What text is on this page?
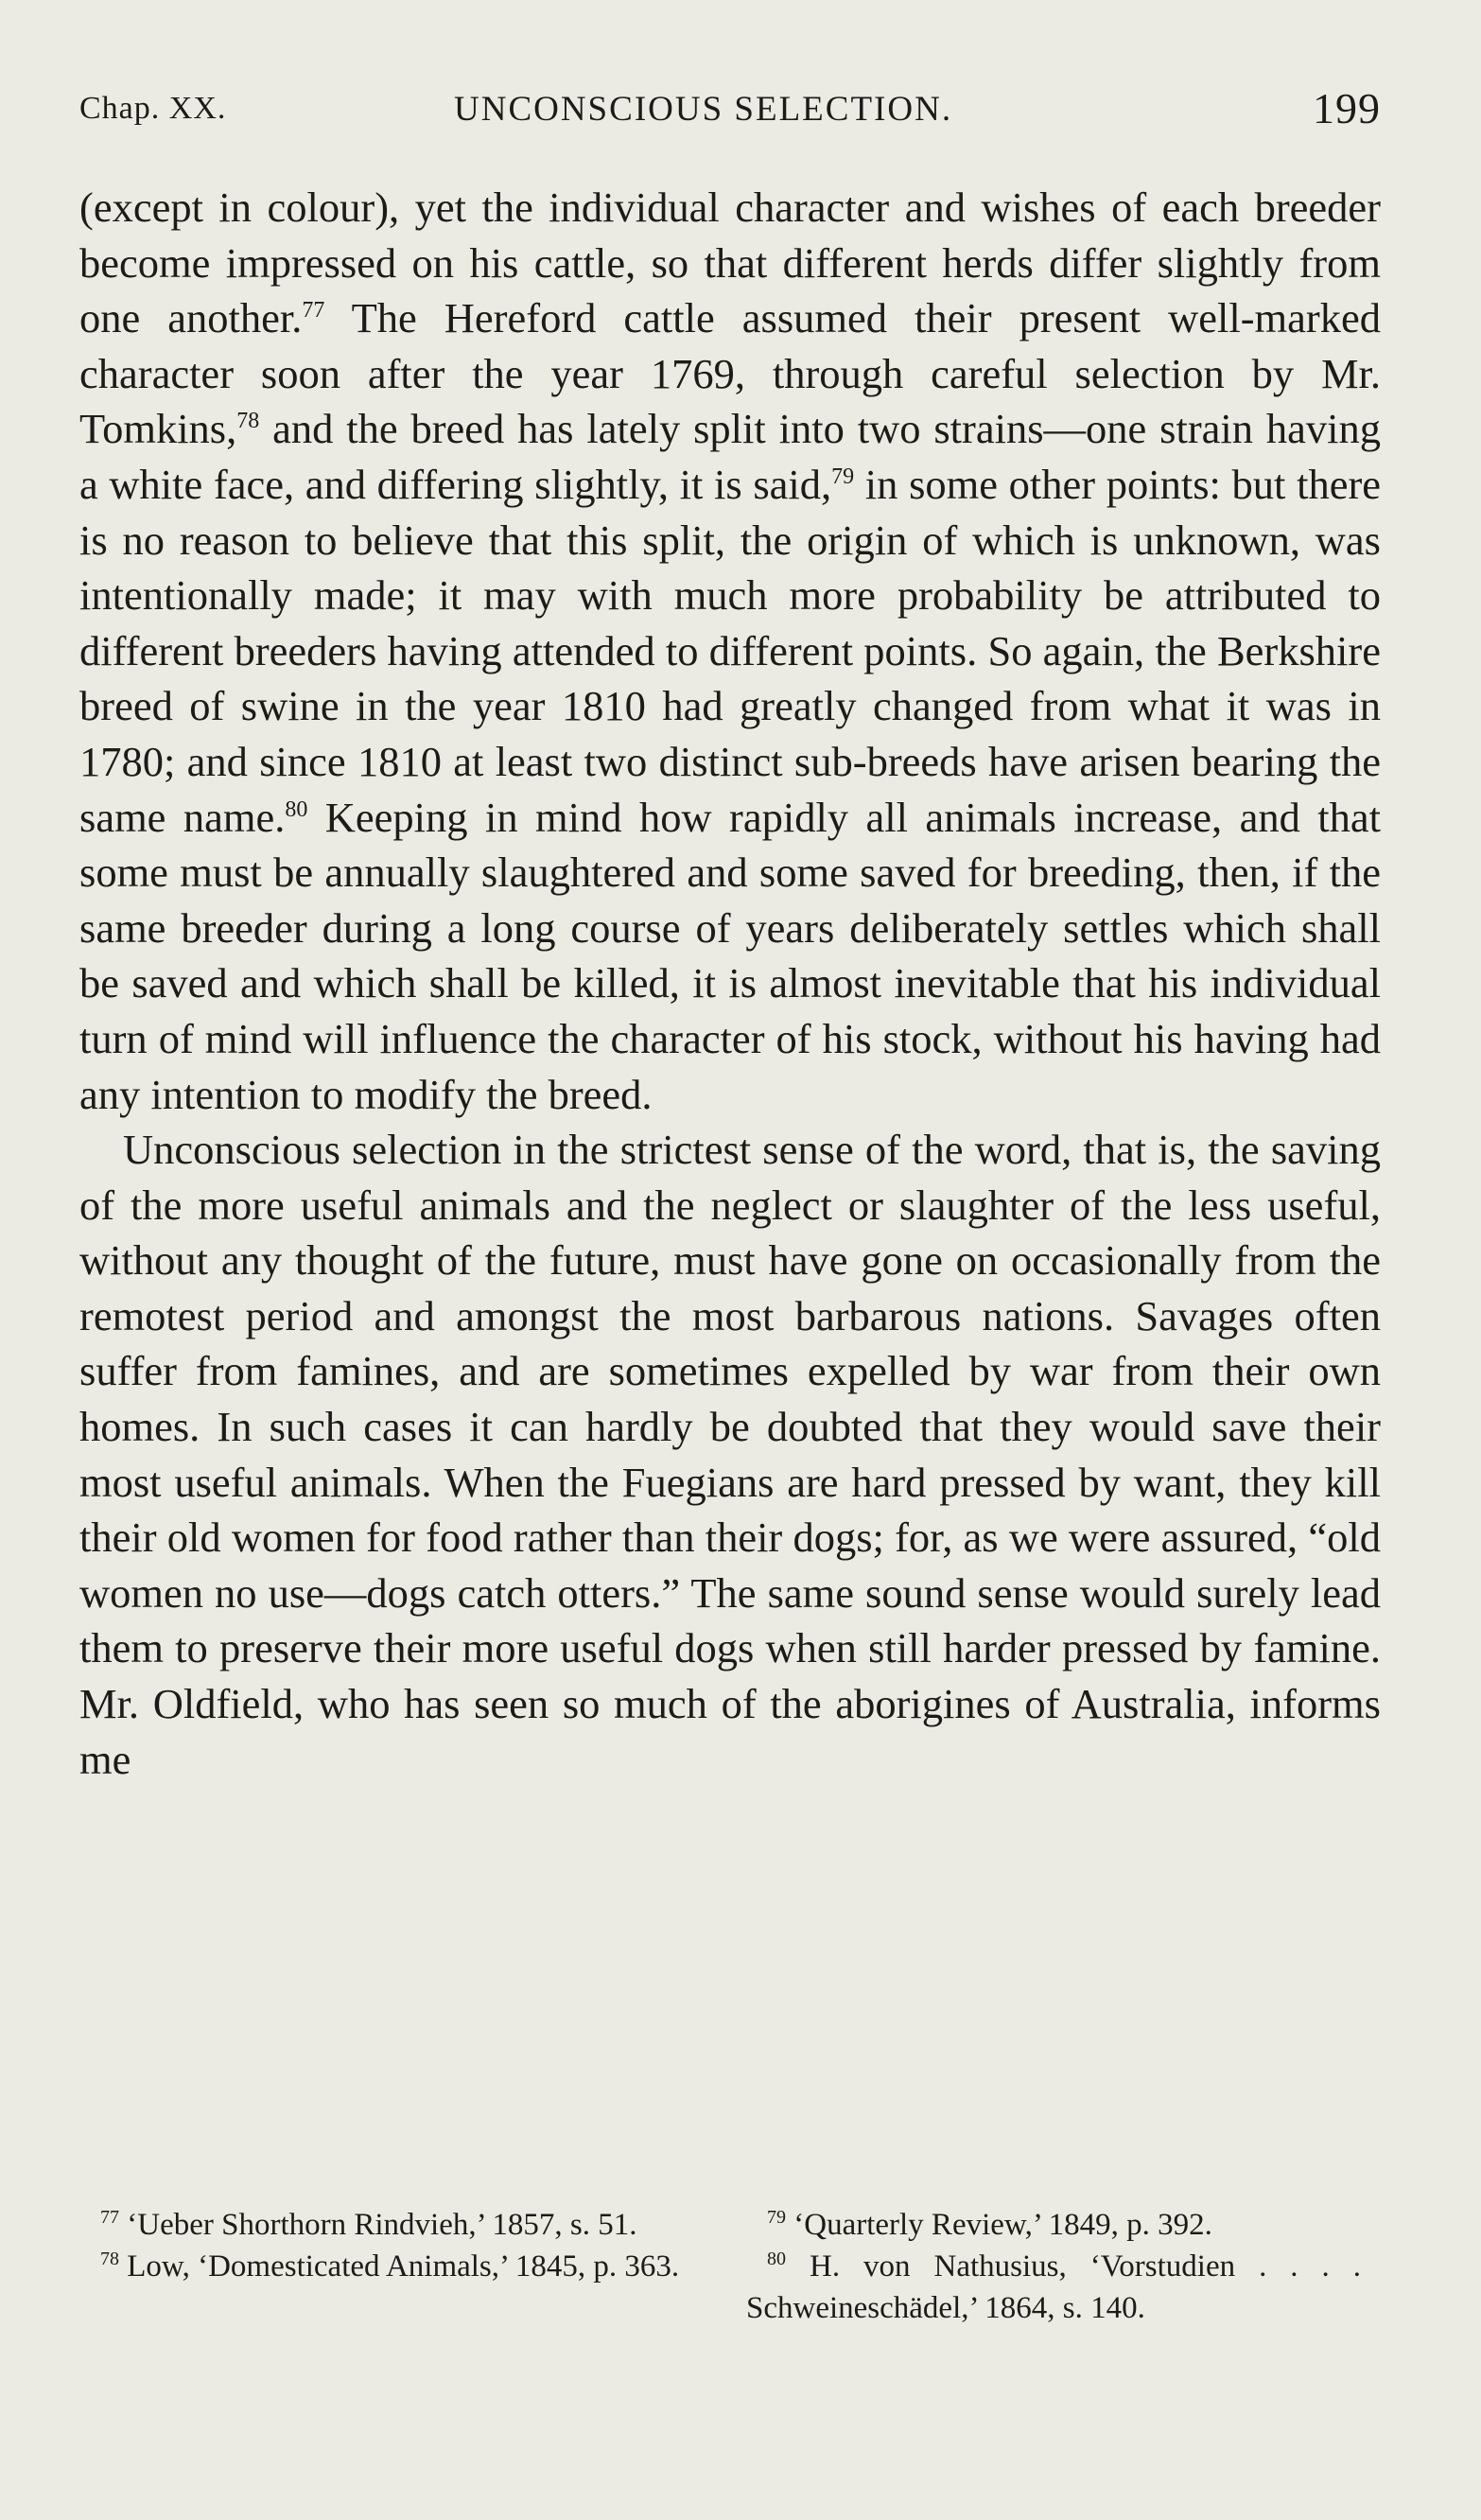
Chap. XX.	UNCONSCIOUS SELECTION.	199

(except in colour), yet the individual character and wishes of each breeder become impressed on his cattle, so that different herds differ slightly from one another.$^{77}$ The Hereford cattle assumed their present well-marked character soon after the year 1769, through careful selection by Mr. Tomkins,$^{78}$ and the breed has lately split into two strains—one strain having a white face, and differing slightly, it is said,$^{79}$ in some other points: but there is no reason to believe that this split, the origin of which is unknown, was intentionally made; it may with much more probability be attributed to different breeders having attended to different points. So again, the Berkshire breed of swine in the year 1810 had greatly changed from what it was in 1780; and since 1810 at least two distinct sub-breeds have arisen bearing the same name.$^{80}$ Keeping in mind how rapidly all animals increase, and that some must be annually slaughtered and some saved for breeding, then, if the same breeder during a long course of years deliberately settles which shall be saved and which shall be killed, it is almost inevitable that his individual turn of mind will influence the character of his stock, without his having had any intention to modify the breed.

Unconscious selection in the strictest sense of the word, that is, the saving of the more useful animals and the neglect or slaughter of the less useful, without any thought of the future, must have gone on occasionally from the remotest period and amongst the most barbarous nations. Savages often suffer from famines, and are sometimes expelled by war from their own homes. In such cases it can hardly be doubted that they would save their most useful animals. When the Fuegians are hard pressed by want, they kill their old women for food rather than their dogs; for, as we were assured, “old women no use—dogs catch otters.” The same sound sense would surely lead them to preserve their more useful dogs when still harder pressed by famine. Mr. Oldfield, who has seen so much of the aborigines of Australia, informs me

$^{77}$ ‘Ueber Shorthorn Rindvieh,’ 1857, s. 51.

$^{78}$ Low, ‘Domesticated Animals,’ 1845, p. 363.

$^{79}$ ‘Quarterly Review,’ 1849, p. 392.

$^{80}$ H. von Nathusius, ‘Vorstudien . . . . Schweineschädel,’ 1864, s. 140.
